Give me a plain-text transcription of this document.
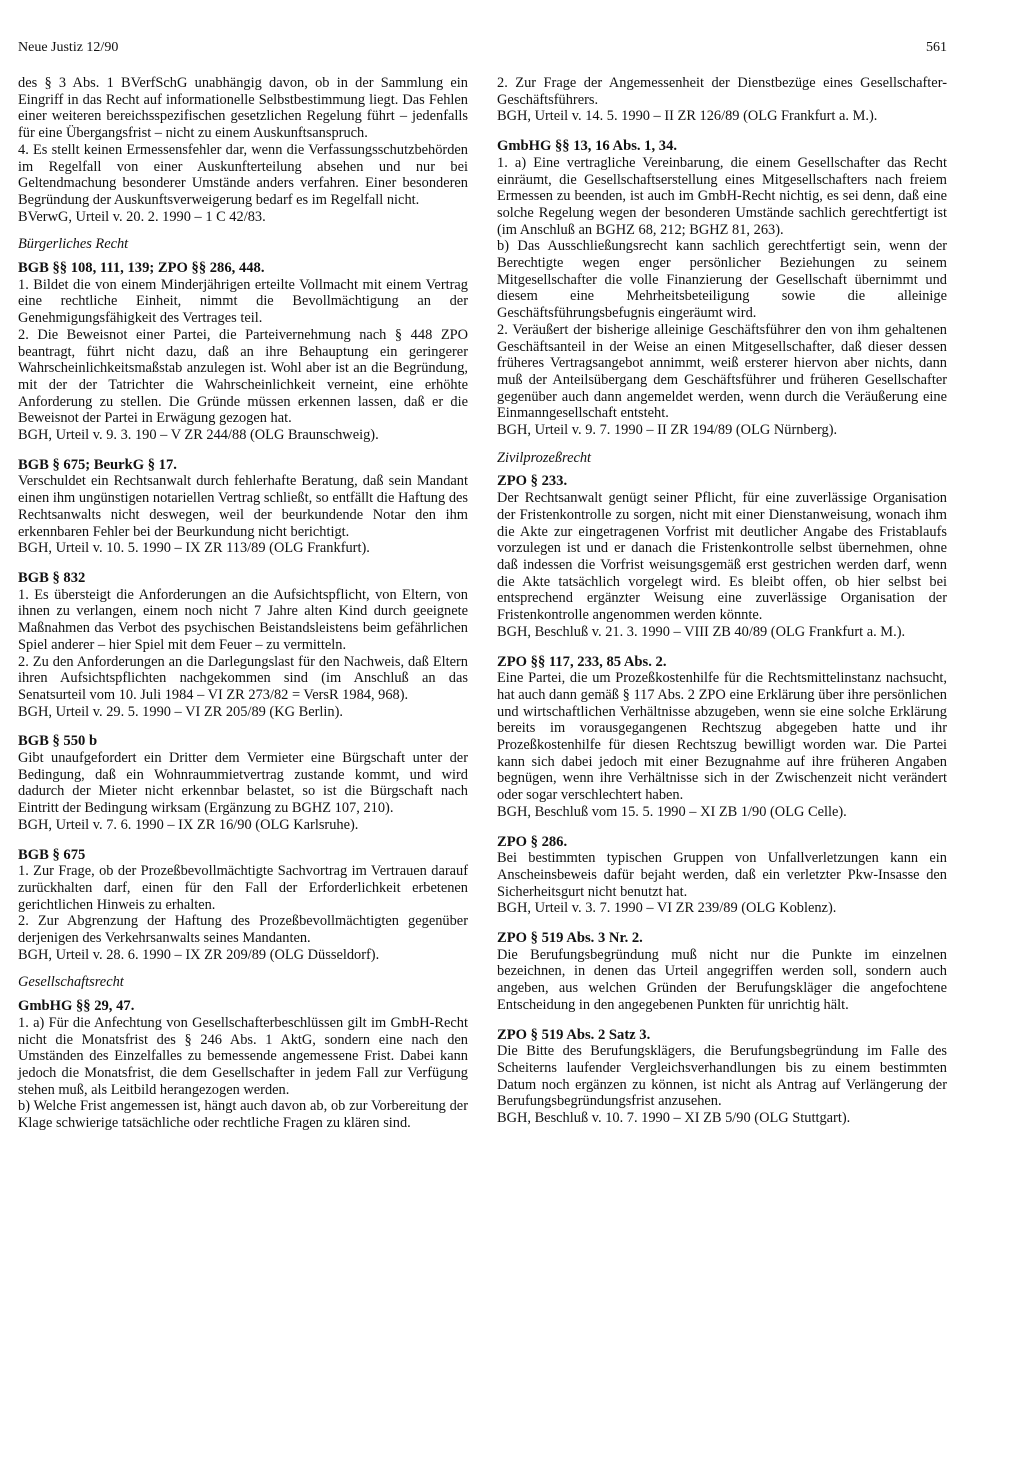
Neue Justiz 12/90	561

des § 3 Abs. 1 BVerfSchG unabhängig davon, ob in der Sammlung ein Eingriff in das Recht auf informationelle Selbstbestimmung liegt. Das Fehlen einer weiteren bereichsspezifischen gesetzlichen Regelung führt – jedenfalls für eine Übergangsfrist – nicht zu einem Auskunftsanspruch.

4. Es stellt keinen Ermessensfehler dar, wenn die Verfassungsschutzbehörden im Regelfall von einer Auskunfterteilung absehen und nur bei Geltendmachung besonderer Umstände anders verfahren. Einer besonderen Begründung der Auskunftsverweigerung bedarf es im Regelfall nicht.

BVerwG, Urteil v. 20. 2. 1990 – 1 C 42/83.

Bürgerliches Recht
BGB §§ 108, 111, 139; ZPO §§ 286, 448.

1. Bildet die von einem Minderjährigen erteilte Vollmacht mit einem Vertrag eine rechtliche Einheit, nimmt die Bevollmächtigung an der Genehmigungsfähigkeit des Vertrages teil.

2. Die Beweisnot einer Partei, die Parteivernehmung nach § 448 ZPO beantragt, führt nicht dazu, daß an ihre Behauptung ein geringerer Wahrscheinlichkeitsmaßstab anzulegen ist. Wohl aber ist an die Begründung, mit der der Tatrichter die Wahrscheinlichkeit verneint, eine erhöhte Anforderung zu stellen. Die Gründe müssen erkennen lassen, daß er die Beweisnot der Partei in Erwägung gezogen hat.

BGH, Urteil v. 9. 3. 190 – V ZR 244/88 (OLG Braunschweig).

BGB § 675; BeurkG § 17.

Verschuldet ein Rechtsanwalt durch fehlerhafte Beratung, daß sein Mandant einen ihm ungünstigen notariellen Vertrag schließt, so entfällt die Haftung des Rechtsanwalts nicht deswegen, weil der beurkundende Notar den ihm erkennbaren Fehler bei der Beurkundung nicht berichtigt.

BGH, Urteil v. 10. 5. 1990 – IX ZR 113/89 (OLG Frankfurt).

BGB § 832

1. Es übersteigt die Anforderungen an die Aufsichtspflicht, von Eltern, von ihnen zu verlangen, einem noch nicht 7 Jahre alten Kind durch geeignete Maßnahmen das Verbot des psychischen Beistandsleistens beim gefährlichen Spiel anderer – hier Spiel mit dem Feuer – zu vermitteln.

2. Zu den Anforderungen an die Darlegungslast für den Nachweis, daß Eltern ihren Aufsichtspflichten nachgekommen sind (im Anschluß an das Senatsurteil vom 10. Juli 1984 – VI ZR 273/82 = VersR 1984, 968).

BGH, Urteil v. 29. 5. 1990 – VI ZR 205/89 (KG Berlin).

BGB § 550 b

Gibt unaufgefordert ein Dritter dem Vermieter eine Bürgschaft unter der Bedingung, daß ein Wohnraummietvertrag zustande kommt, und wird dadurch der Mieter nicht erkennbar belastet, so ist die Bürgschaft nach Eintritt der Bedingung wirksam (Ergänzung zu BGHZ 107, 210).

BGH, Urteil v. 7. 6. 1990 – IX ZR 16/90 (OLG Karlsruhe).

BGB § 675

1. Zur Frage, ob der Prozeßbevollmächtigte Sachvortrag im Vertrauen darauf zurückhalten darf, einen für den Fall der Erforderlichkeit erbetenen gerichtlichen Hinweis zu erhalten.

2. Zur Abgrenzung der Haftung des Prozeßbevollmächtigten gegenüber derjenigen des Verkehrsanwalts seines Mandanten.

BGH, Urteil v. 28. 6. 1990 – IX ZR 209/89 (OLG Düsseldorf).

Gesellschaftsrecht
GmbHG §§ 29, 47.

1. a) Für die Anfechtung von Gesellschafterbeschlüssen gilt im GmbH-Recht nicht die Monatsfrist des § 246 Abs. 1 AktG, sondern eine nach den Umständen des Einzelfalles zu bemessende angemessene Frist. Dabei kann jedoch die Monatsfrist, die dem Gesellschafter in jedem Fall zur Verfügung stehen muß, als Leitbild herangezogen werden.

b) Welche Frist angemessen ist, hängt auch davon ab, ob zur Vorbereitung der Klage schwierige tatsächliche oder rechtliche Fragen zu klären sind.

2. Zur Frage der Angemessenheit der Dienstbezüge eines Gesellschafter-Geschäftsführers.

BGH, Urteil v. 14. 5. 1990 – II ZR 126/89 (OLG Frankfurt a. M.).

GmbHG §§ 13, 16 Abs. 1, 34.

1. a) Eine vertragliche Vereinbarung, die einem Gesellschafter das Recht einräumt, die Gesellschaftserstellung eines Mitgesellschafters nach freiem Ermessen zu beenden, ist auch im GmbH-Recht nichtig, es sei denn, daß eine solche Regelung wegen der besonderen Umstände sachlich gerechtfertigt ist (im Anschluß an BGHZ 68, 212; BGHZ 81, 263).

b) Das Ausschließungsrecht kann sachlich gerechtfertigt sein, wenn der Berechtigte wegen enger persönlicher Beziehungen zu seinem Mitgesellschafter die volle Finanzierung der Gesellschaft übernimmt und diesem eine Mehrheitsbeteiligung sowie die alleinige Geschäftsführungsbefugnis eingeräumt wird.

2. Veräußert der bisherige alleinige Geschäftsführer den von ihm gehaltenen Geschäftsanteil in der Weise an einen Mitgesellschafter, daß dieser dessen früheres Vertragsangebot annimmt, weiß ersterer hiervon aber nichts, dann muß der Anteilsübergang dem Geschäftsführer und früheren Gesellschafter gegenüber auch dann angemeldet werden, wenn durch die Veräußerung eine Einmanngesellschaft entsteht.

BGH, Urteil v. 9. 7. 1990 – II ZR 194/89 (OLG Nürnberg).

Zivilprozeßrecht
ZPO § 233.

Der Rechtsanwalt genügt seiner Pflicht, für eine zuverlässige Organisation der Fristenkontrolle zu sorgen, nicht mit einer Dienstanweisung, wonach ihm die Akte zur eingetragenen Vorfrist mit deutlicher Angabe des Fristablaufs vorzulegen ist und er danach die Fristenkontrolle selbst übernehmen, ohne daß indessen die Vorfrist weisungsgemäß erst gestrichen werden darf, wenn die Akte tatsächlich vorgelegt wird. Es bleibt offen, ob hier selbst bei entsprechend ergänzter Weisung eine zuverlässige Organisation der Fristenkontrolle angenommen werden könnte.

BGH, Beschluß v. 21. 3. 1990 – VIII ZB 40/89 (OLG Frankfurt a. M.).

ZPO §§ 117, 233, 85 Abs. 2.

Eine Partei, die um Prozeßkostenhilfe für die Rechtsmittelinstanz nachsucht, hat auch dann gemäß § 117 Abs. 2 ZPO eine Erklärung über ihre persönlichen und wirtschaftlichen Verhältnisse abzugeben, wenn sie eine solche Erklärung bereits im vorausgegangenen Rechtszug abgegeben hatte und ihr Prozeßkostenhilfe für diesen Rechtszug bewilligt worden war. Die Partei kann sich dabei jedoch mit einer Bezugnahme auf ihre früheren Angaben begnügen, wenn ihre Verhältnisse sich in der Zwischenzeit nicht verändert oder sogar verschlechtert haben.

BGH, Beschluß vom 15. 5. 1990 – XI ZB 1/90 (OLG Celle).

ZPO § 286.

Bei bestimmten typischen Gruppen von Unfallverletzungen kann ein Anscheinsbeweis dafür bejaht werden, daß ein verletzter Pkw-Insasse den Sicherheitsgurt nicht benutzt hat.

BGH, Urteil v. 3. 7. 1990 – VI ZR 239/89 (OLG Koblenz).

ZPO § 519 Abs. 3 Nr. 2.

Die Berufungsbegründung muß nicht nur die Punkte im einzelnen bezeichnen, in denen das Urteil angegriffen werden soll, sondern auch angeben, aus welchen Gründen der Berufungskläger die angefochtene Entscheidung in den angegebenen Punkten für unrichtig hält.

ZPO § 519 Abs. 2 Satz 3.

Die Bitte des Berufungsklägers, die Berufungsbegründung im Falle des Scheiterns laufender Vergleichsverhandlungen bis zu einem bestimmten Datum noch ergänzen zu können, ist nicht als Antrag auf Verlängerung der Berufungsbegründungsfrist anzusehen.

BGH, Beschluß v. 10. 7. 1990 – XI ZB 5/90 (OLG Stuttgart).
